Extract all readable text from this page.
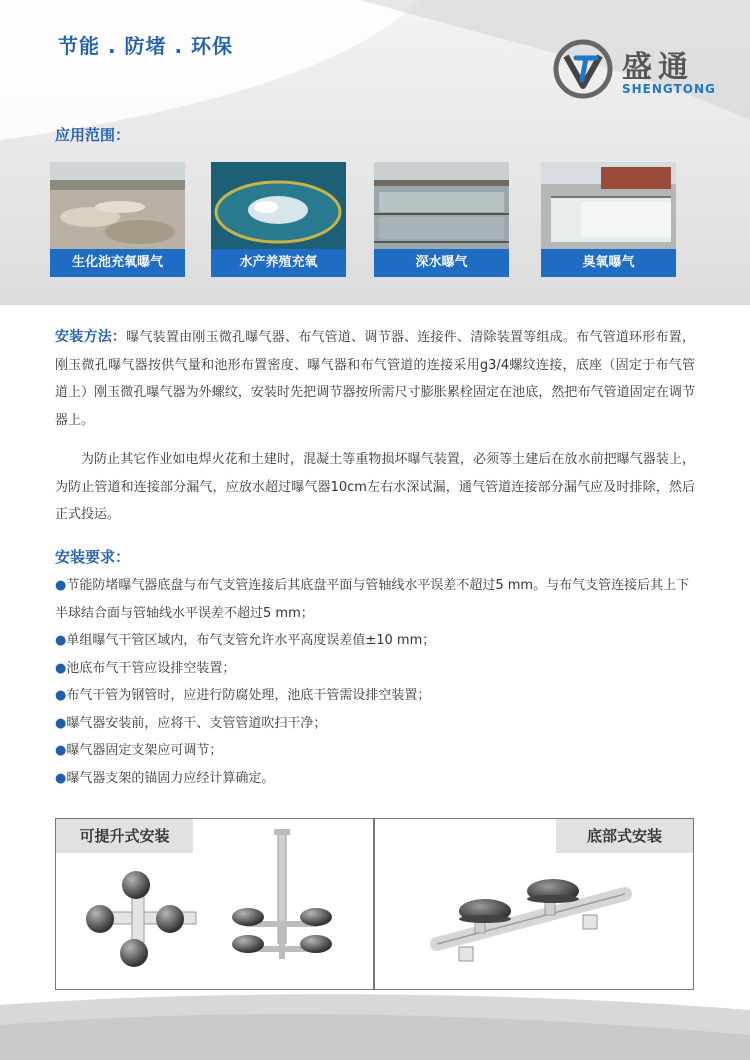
节能 . 防堵 . 环保
盛通
SHENGTONG
应用范围：
生化池充氧曝气	水产养殖充氧	深水曝气	臭氧曝气
安装方法：曝气装置由刚玉微孔曝气器、布气管道、调节器、连接件、清除装置等组成。布气管道环形布置，刚玉微孔曝气器按供气量和池形布置密度、曝气器和布气管道的连接采用g3/4螺纹连接，底座（固定于布气管道上）刚玉微孔曝气器为外螺纹，安装时先把调节器按所需尺寸膨胀累栓固定在池底，然把布气管道固定在调节器上。
为防止其它作业如电焊火花和土建时，混凝土等重物损坏曝气装置，必须等土建后在放水前把曝气器装上，为防止管道和连接部分漏气，应放水超过曝气器10cm左右水深试漏，通气管道连接部分漏气应及时排除，然后正式投运。
安装要求：
●节能防堵曝气器底盘与布气支管连接后其底盘平面与管轴线水平误差不超过5 mm。与布气支管连接后其上下半球结合面与管轴线水平误差不超过5 mm；
●单组曝气干管区域内，布气支管允许水平高度误差值±10 mm；
●池底布气干管应设排空装置；
●布气干管为钢管时，应进行防腐处理，池底干管需设排空装置；
●曝气器安装前，应将干、支管管道吹扫干净；
●曝气器固定支架应可调节；
●曝气器支架的锚固力应经计算确定。
可提升式安装	底部式安装
